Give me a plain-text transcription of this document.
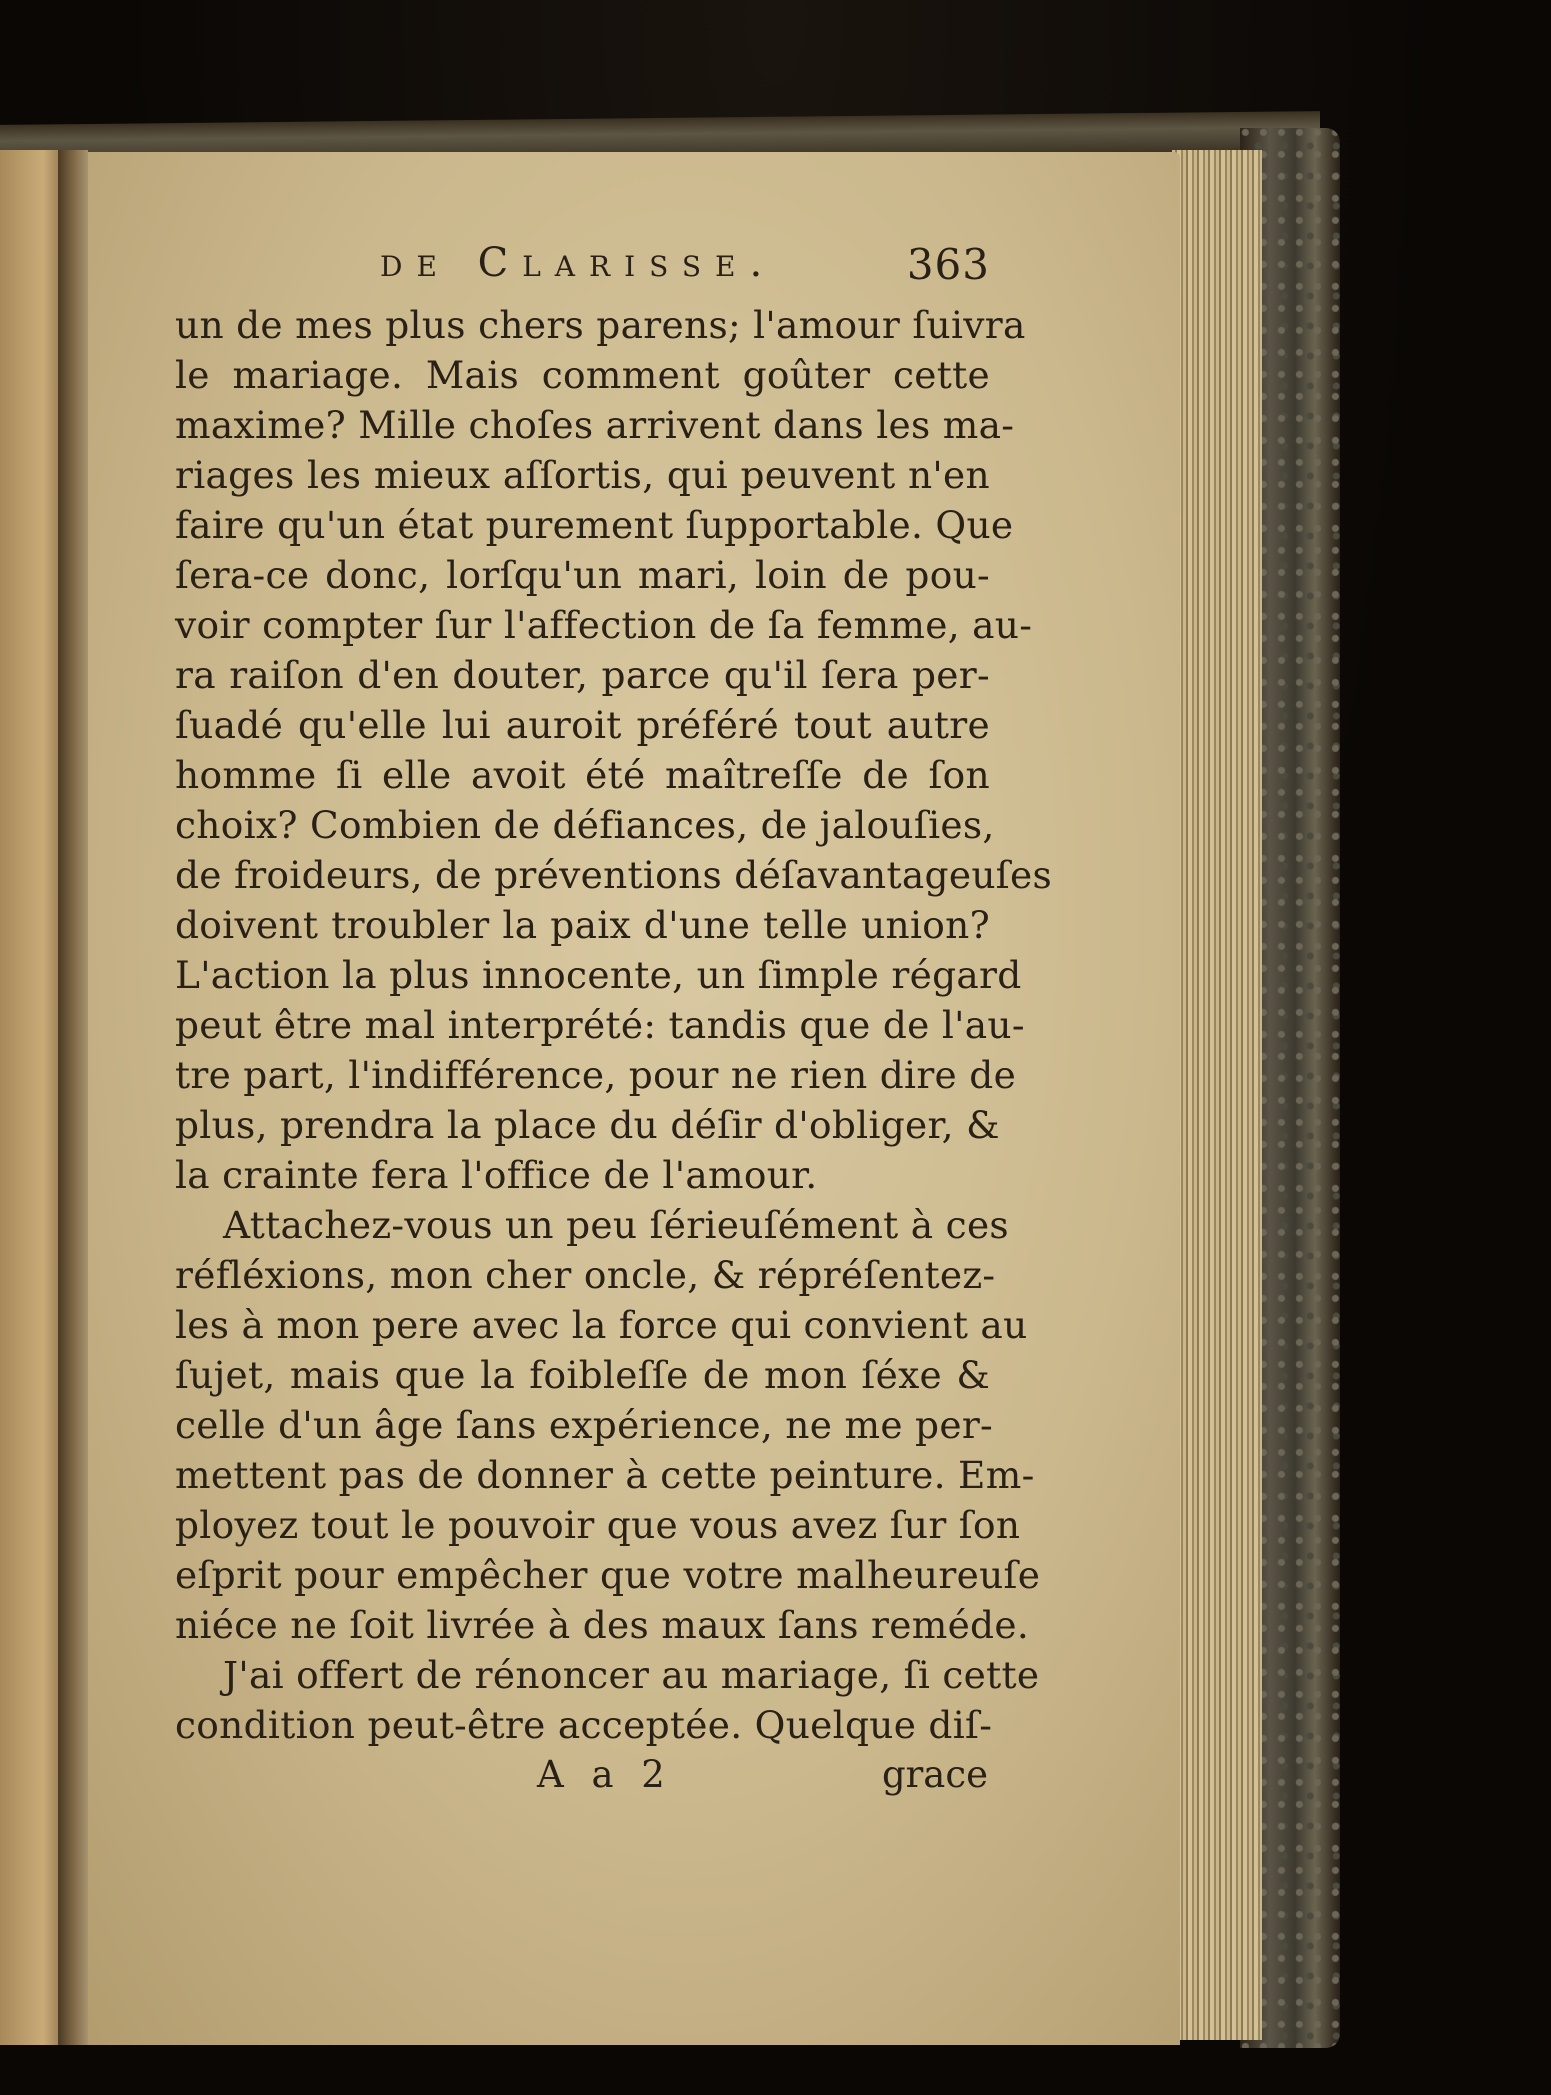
de Clarisse.	363
un de mes plus chers parens; l'amour ſuivra
le mariage. Mais comment goûter cette
maxime? Mille choſes arrivent dans les ma-
riages les mieux aſſortis, qui peuvent n'en
faire qu'un état purement ſupportable. Que
ſera-ce donc, lorſqu'un mari, loin de pou-
voir compter ſur l'affection de ſa femme, au-
ra raiſon d'en douter, parce qu'il ſera per-
ſuadé qu'elle lui auroit préféré tout autre
homme ſi elle avoit été maîtreſſe de ſon
choix? Combien de défiances, de jalouſies,
de froideurs, de préventions déſavantageuſes
doivent troubler la paix d'une telle union?
L'action la plus innocente, un ſimple régard
peut être mal interprété: tandis que de l'au-
tre part, l'indifférence, pour ne rien dire de
plus, prendra la place du déſir d'obliger, &
la crainte fera l'office de l'amour.
Attachez-vous un peu ſérieuſément à ces
réfléxions, mon cher oncle, & répréſentez-
les à mon pere avec la force qui convient au
ſujet, mais que la foibleſſe de mon ſéxe &
celle d'un âge ſans expérience, ne me per-
mettent pas de donner à cette peinture. Em-
ployez tout le pouvoir que vous avez ſur ſon
eſprit pour empêcher que votre malheureuſe
niéce ne ſoit livrée à des maux ſans reméde.
J'ai offert de rénoncer au mariage, ſi cette
condition peut-être acceptée. Quelque diſ-
A a 2	grace
